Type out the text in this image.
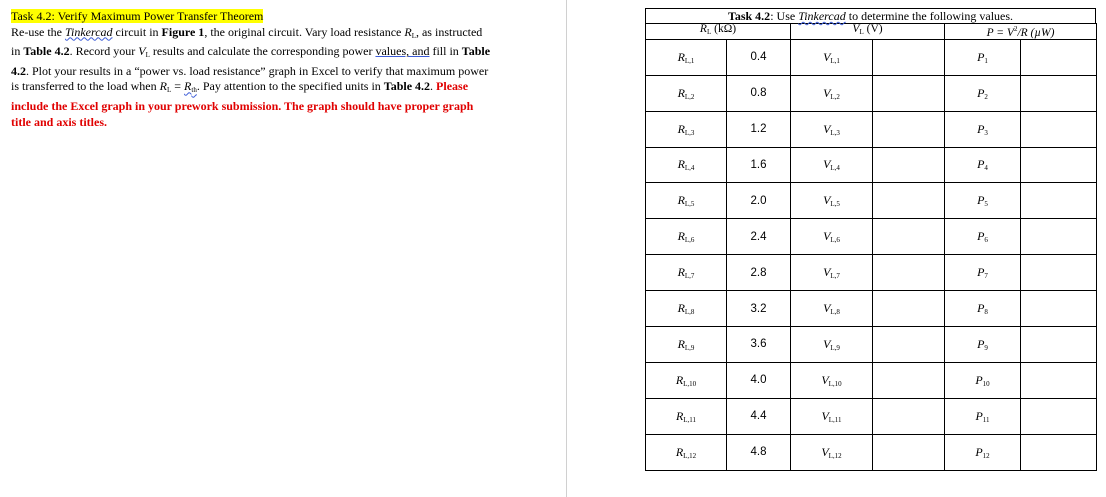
Task 4.2: Verify Maximum Power Transfer Theorem

Re-use the Tinkercad circuit in Figure 1, the original circuit. Vary load resistance $R_L$, as instructed in Table 4.2. Record your $V_L$ results and calculate the corresponding power values, and fill in Table 4.2. Plot your results in a “power vs. load resistance” graph in Excel to verify that maximum power is transferred to the load when $R_L = R_{th}$. Pay attention to the specified units in Table 4.2. Please include the Excel graph in your prework submission. The graph should have proper graph title and axis titles.

Task 4.2: Use Tinkercad to determine the following values.
$R_L$ (kΩ)		$V_L$ (V)		$P = V^2/R$ (µW)	
$R_{L,1}$	0.4	$V_{L,1}$		$P_1$	
$R_{L,2}$	0.8	$V_{L,2}$		$P_2$	
$R_{L,3}$	1.2	$V_{L,3}$		$P_3$	
$R_{L,4}$	1.6	$V_{L,4}$		$P_4$	
$R_{L,5}$	2.0	$V_{L,5}$		$P_5$	
$R_{L,6}$	2.4	$V_{L,6}$		$P_6$	
$R_{L,7}$	2.8	$V_{L,7}$		$P_7$	
$R_{L,8}$	3.2	$V_{L,8}$		$P_8$	
$R_{L,9}$	3.6	$V_{L,9}$		$P_9$	
$R_{L,10}$	4.0	$V_{L,10}$		$P_{10}$	
$R_{L,11}$	4.4	$V_{L,11}$		$P_{11}$	
$R_{L,12}$	4.8	$V_{L,12}$		$P_{12}$	
